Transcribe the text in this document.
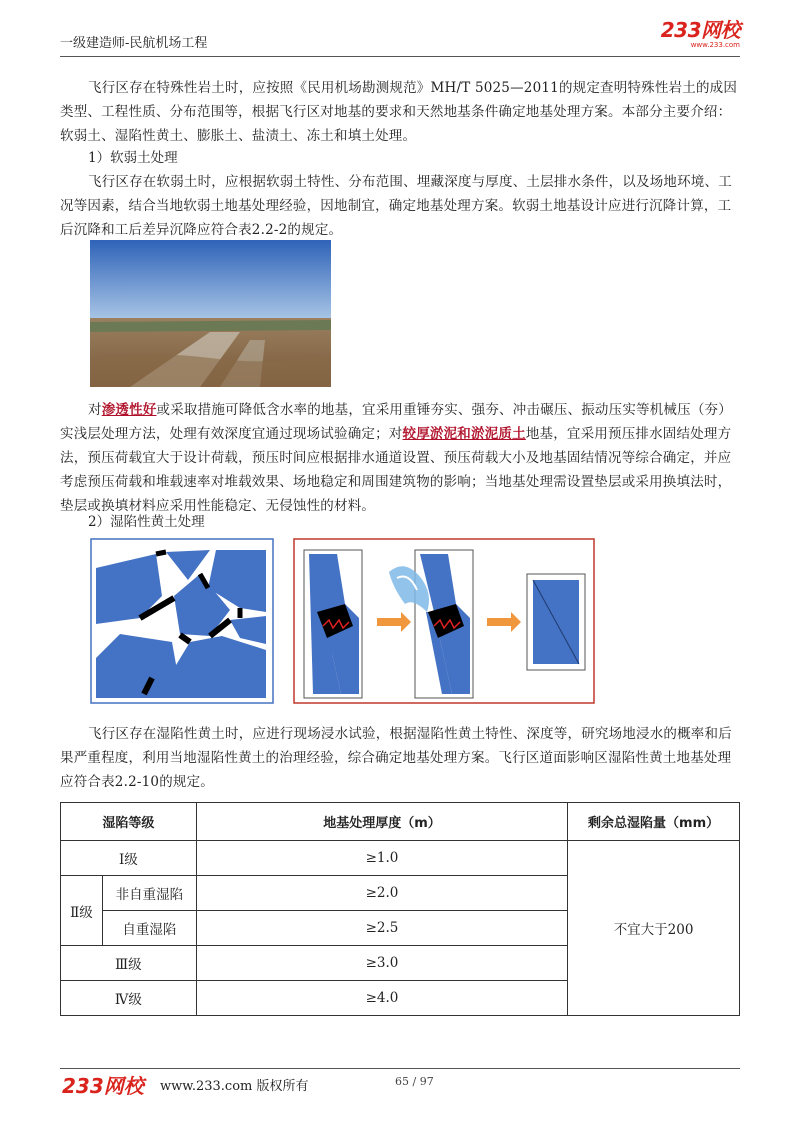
一级建造师-民航机场工程
233网校
www.233.com
飞行区存在特殊性岩土时，应按照《民用机场勘测规范》MH/T 5025—2011的规定查明特殊性岩土的成因类型、工程性质、分布范围等，根据飞行区对地基的要求和天然地基条件确定地基处理方案。本部分主要介绍：软弱土、湿陷性黄土、膨胀土、盐渍土、冻土和填土处理。
1）软弱土处理
飞行区存在软弱土时，应根据软弱土特性、分布范围、埋藏深度与厚度、土层排水条件，以及场地环境、工况等因素，结合当地软弱土地基处理经验，因地制宜，确定地基处理方案。软弱土地基设计应进行沉降计算，工后沉降和工后差异沉降应符合表2.2-2的规定。
对渗透性好或采取措施可降低含水率的地基，宜采用重锤夯实、强夯、冲击碾压、振动压实等机械压（夯）实浅层处理方法，处理有效深度宜通过现场试验确定；对较厚淤泥和淤泥质土地基，宜采用预压排水固结处理方法，预压荷载宜大于设计荷载，预压时间应根据排水通道设置、预压荷载大小及地基固结情况等综合确定，并应考虑预压荷载和堆载速率对堆载效果、场地稳定和周围建筑物的影响；当地基处理需设置垫层或采用换填法时，垫层或换填材料应采用性能稳定、无侵蚀性的材料。
2）湿陷性黄土处理
飞行区存在湿陷性黄土时，应进行现场浸水试验，根据湿陷性黄土特性、深度等，研究场地浸水的概率和后果严重程度，利用当地湿陷性黄土的治理经验，综合确定地基处理方案。飞行区道面影响区湿陷性黄土地基处理应符合表2.2-10的规定。
湿陷等级		地基处理厚度（m）	剩余总湿陷量（mm）
Ⅰ级		≥1.0	不宜大于200
Ⅱ级	非自重湿陷	≥2.0	
	自重湿陷	≥2.5	
Ⅲ级		≥3.0	
Ⅳ级		≥4.0	
233网校 www.233.com 版权所有	65 / 97
